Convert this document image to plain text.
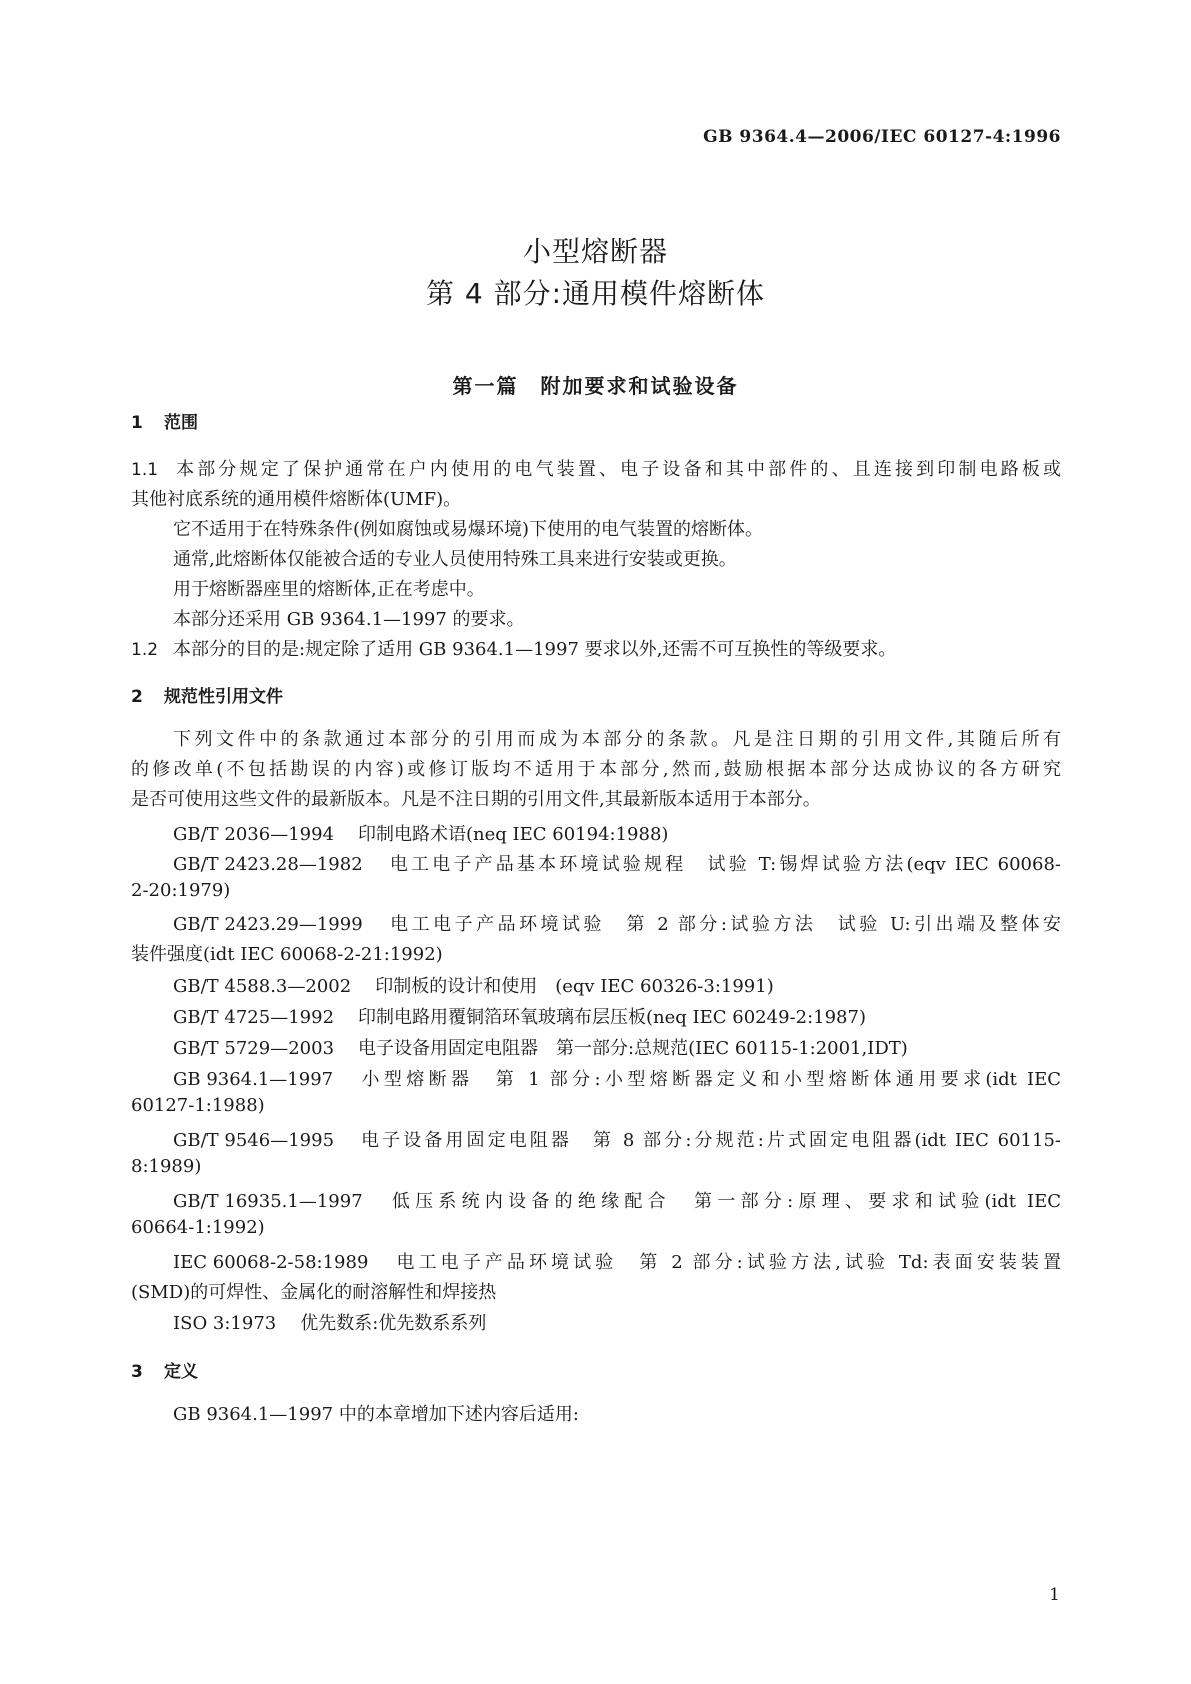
GB 9364.4—2006/IEC 60127-4:1996
小型熔断器
第 4 部分:通用模件熔断体
第一篇　附加要求和试验设备
1 范围
1.1 本部分规定了保护通常在户内使用的电气装置、电子设备和其中部件的、且连接到印制电路板或
其他衬底系统的通用模件熔断体(UMF)。
它不适用于在特殊条件(例如腐蚀或易爆环境)下使用的电气装置的熔断体。
通常,此熔断体仅能被合适的专业人员使用特殊工具来进行安装或更换。
用于熔断器座里的熔断体,正在考虑中。
本部分还采用 GB 9364.1—1997 的要求。
1.2 本部分的目的是:规定除了适用 GB 9364.1—1997 要求以外,还需不可互换性的等级要求。
2 规范性引用文件
下列文件中的条款通过本部分的引用而成为本部分的条款。凡是注日期的引用文件,其随后所有
的修改单(不包括勘误的内容)或修订版均不适用于本部分,然而,鼓励根据本部分达成协议的各方研究
是否可使用这些文件的最新版本。凡是不注日期的引用文件,其最新版本适用于本部分。
GB/T 2036—1994 印制电路术语(neq IEC 60194:1988)
GB/T 2423.28—1982 电工电子产品基本环境试验规程　试验 T:锡焊试验方法(eqv IEC 60068-
2-20:1979)
GB/T 2423.29—1999 电工电子产品环境试验　第 2 部分:试验方法　试验 U:引出端及整体安
装件强度(idt IEC 60068-2-21:1992)
GB/T 4588.3—2002 印制板的设计和使用　(eqv IEC 60326-3:1991)
GB/T 4725—1992 印制电路用覆铜箔环氧玻璃布层压板(neq IEC 60249-2:1987)
GB/T 5729—2003 电子设备用固定电阻器　第一部分:总规范(IEC 60115-1:2001,IDT)
GB 9364.1—1997 小型熔断器　第 1 部分:小型熔断器定义和小型熔断体通用要求(idt IEC
60127-1:1988)
GB/T 9546—1995 电子设备用固定电阻器　第 8 部分:分规范:片式固定电阻器(idt IEC 60115-
8:1989)
GB/T 16935.1—1997 低压系统内设备的绝缘配合　第一部分:原理、要求和试验(idt IEC
60664-1:1992)
IEC 60068-2-58:1989 电工电子产品环境试验　第 2 部分:试验方法,试验 Td:表面安装装置
(SMD)的可焊性、金属化的耐溶解性和焊接热
ISO 3:1973 优先数系:优先数系系列
3 定义
GB 9364.1—1997 中的本章增加下述内容后适用:
1
